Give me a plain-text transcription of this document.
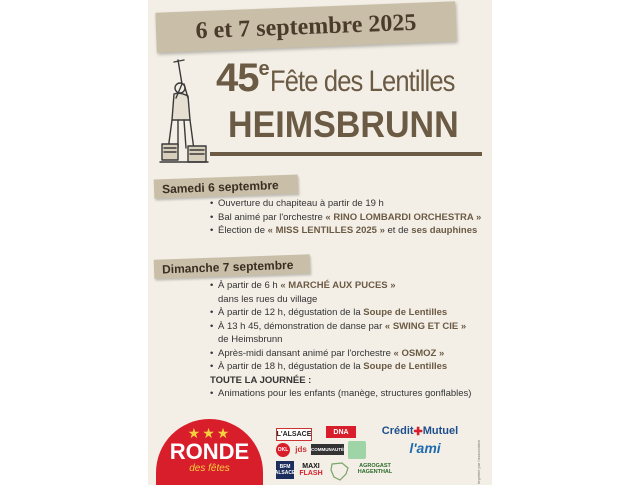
6 et 7 septembre 2025
45eFête des Lentilles
HEIMSBRUNN
Samedi 6 septembre
• Ouverture du chapiteau à partir de 19 h
• Bal animé par l'orchestre « RINO LOMBARDI ORCHESTRA »
• Élection de « MISS LENTILLES 2025 » et de ses dauphines
Dimanche 7 septembre
• À partir de 6 h « MARCHÉ AUX PUCES »
dans les rues du village
• À partir de 12 h, dégustation de la Soupe de Lentilles
• À 13 h 45, démonstration de danse par « SWING ET CIE »
de Heimsbrunn
• Après-midi dansant animé par l'orchestre « OSMOZ »
• À partir de 18 h, dégustation de la Soupe de Lentilles
TOUTE LA JOURNÉE :
• Animations pour les enfants (manège, structures gonflables)
★★★
RONDE
des fêtes
L'ALSACE	DNA	Crédit ✚ Mutuel
OKL jds COMMUNAUTÉ	l'ami
BFM
ALSACE
MAXI
FLASH
AGROGAST
HAGENTHAL	Imprimé par l'association
